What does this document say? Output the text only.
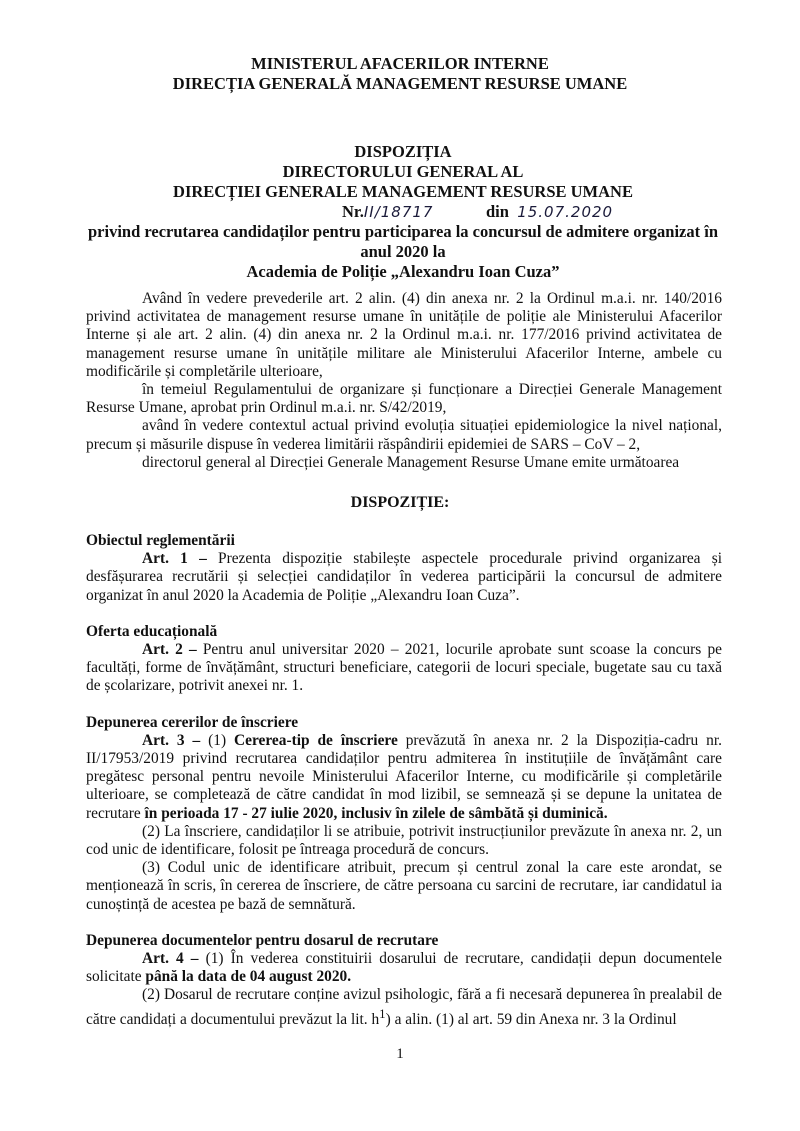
MINISTERUL AFACERILOR INTERNE
DIRECȚIA GENERALĂ MANAGEMENT RESURSE UMANE
DISPOZIȚIA
DIRECTORULUI GENERAL AL
DIRECȚIEI GENERALE MANAGEMENT RESURSE UMANE
Nr.II/18717	din 15.07.2020
privind recrutarea candidaților pentru participarea la concursul de admitere organizat în anul 2020 la
Academia de Poliție „Alexandru Ioan Cuza”

Având în vedere prevederile art. 2 alin. (4) din anexa nr. 2 la Ordinul m.a.i. nr. 140/2016 privind activitatea de management resurse umane în unitățile de poliție ale Ministerului Afacerilor Interne și ale art. 2 alin. (4) din anexa nr. 2 la Ordinul m.a.i. nr. 177/2016 privind activitatea de management resurse umane în unitățile militare ale Ministerului Afacerilor Interne, ambele cu modificările și completările ulterioare,

în temeiul Regulamentului de organizare și funcționare a Direcției Generale Management Resurse Umane, aprobat prin Ordinul m.a.i. nr. S/42/2019,

având în vedere contextul actual privind evoluția situației epidemiologice la nivel național, precum și măsurile dispuse în vederea limitării răspândirii epidemiei de SARS – CoV – 2,

directorul general al Direcției Generale Management Resurse Umane emite următoarea

DISPOZIȚIE:
Obiectul reglementării

Art. 1 – Prezenta dispoziție stabilește aspectele procedurale privind organizarea și desfășurarea recrutării și selecției candidaților în vederea participării la concursul de admitere organizat în anul 2020 la Academia de Poliție „Alexandru Ioan Cuza”.

Oferta educațională

Art. 2 – Pentru anul universitar 2020 – 2021, locurile aprobate sunt scoase la concurs pe facultăți, forme de învățământ, structuri beneficiare, categorii de locuri speciale, bugetate sau cu taxă de școlarizare, potrivit anexei nr. 1.

Depunerea cererilor de înscriere

Art. 3 – (1) Cererea-tip de înscriere prevăzută în anexa nr. 2 la Dispoziția-cadru nr. II/17953/2019 privind recrutarea candidaților pentru admiterea în instituțiile de învățământ care pregătesc personal pentru nevoile Ministerului Afacerilor Interne, cu modificările și completările ulterioare, se completează de către candidat în mod lizibil, se semnează și se depune la unitatea de recrutare în perioada 17 - 27 iulie 2020, inclusiv în zilele de sâmbătă și duminică.

(2) La înscriere, candidaților li se atribuie, potrivit instrucțiunilor prevăzute în anexa nr. 2, un cod unic de identificare, folosit pe întreaga procedură de concurs.

(3) Codul unic de identificare atribuit, precum și centrul zonal la care este arondat, se menționează în scris, în cererea de înscriere, de către persoana cu sarcini de recrutare, iar candidatul ia cunoștință de acestea pe bază de semnătură.

Depunerea documentelor pentru dosarul de recrutare

Art. 4 – (1) În vederea constituirii dosarului de recrutare, candidații depun documentele solicitate până la data de 04 august 2020.

(2) Dosarul de recrutare conține avizul psihologic, fără a fi necesară depunerea în prealabil de către candidați a documentului prevăzut la lit. $h^1$) a alin. (1) al art. 59 din Anexa nr. 3 la Ordinul

1
